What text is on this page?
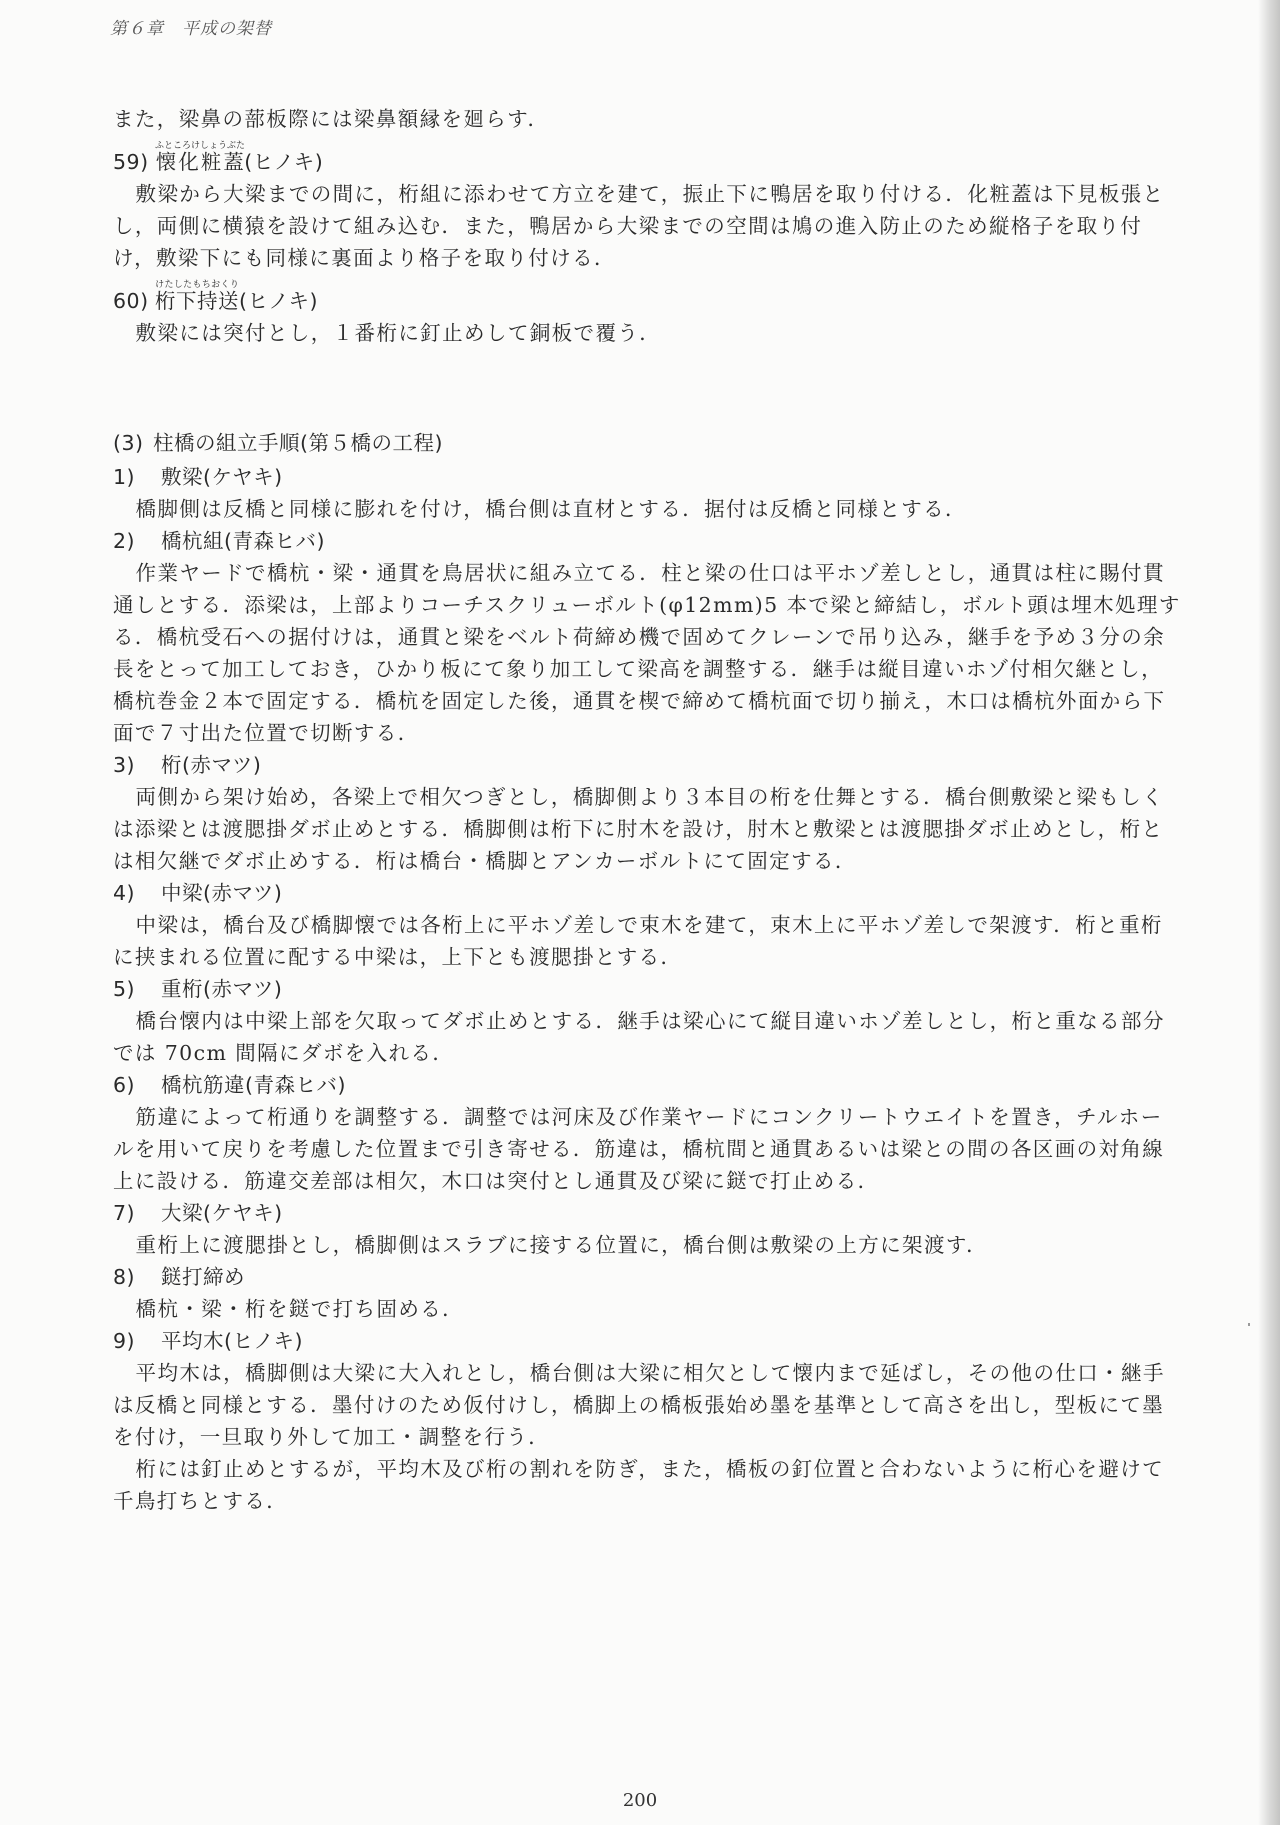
第６章　平成の架替

また，梁鼻の蔀板際には梁鼻額縁を廻らす．

59) 懐化粧蓋ふところけしょうぶた(ヒノキ)

敷梁から大梁までの間に，桁組に添わせて方立を建て，振止下に鴨居を取り付ける．化粧蓋は下見板張とし，両側に横猿を設けて組み込む．また，鴨居から大梁までの空間は鳩の進入防止のため縦格子を取り付け，敷梁下にも同様に裏面より格子を取り付ける．

60) 桁下持送けたしたもちおくり(ヒノキ)

敷梁には突付とし，１番桁に釘止めして銅板で覆う．

(3) 柱橋の組立手順(第５橋の工程)

1) 敷梁(ケヤキ)

橋脚側は反橋と同様に膨れを付け，橋台側は直材とする．据付は反橋と同様とする．

2) 橋杭組(青森ヒバ)

作業ヤードで橋杭・梁・通貫を鳥居状に組み立てる．柱と梁の仕口は平ホゾ差しとし，通貫は柱に賜付貫通しとする．添梁は，上部よりコーチスクリューボルト(φ12mm)5 本で梁と締結し，ボルト頭は埋木処理する．橋杭受石への据付けは，通貫と梁をベルト荷締め機で固めてクレーンで吊り込み，継手を予め３分の余長をとって加工しておき，ひかり板にて象り加工して梁高を調整する．継手は縦目違いホゾ付相欠継とし，橋杭巻金２本で固定する．橋杭を固定した後，通貫を楔で締めて橋杭面で切り揃え，木口は橋杭外面から下面で７寸出た位置で切断する．

3) 桁(赤マツ)

両側から架け始め，各梁上で相欠つぎとし，橋脚側より３本目の桁を仕舞とする．橋台側敷梁と梁もしくは添梁とは渡腮掛ダボ止めとする．橋脚側は桁下に肘木を設け，肘木と敷梁とは渡腮掛ダボ止めとし，桁とは相欠継でダボ止めする．桁は橋台・橋脚とアンカーボルトにて固定する．

4) 中梁(赤マツ)

中梁は，橋台及び橋脚懐では各桁上に平ホゾ差しで束木を建て，束木上に平ホゾ差しで架渡す．桁と重桁に挟まれる位置に配する中梁は，上下とも渡腮掛とする．

5) 重桁(赤マツ)

橋台懐内は中梁上部を欠取ってダボ止めとする．継手は梁心にて縦目違いホゾ差しとし，桁と重なる部分では 70cm 間隔にダボを入れる．

6) 橋杭筋違(青森ヒバ)

筋違によって桁通りを調整する．調整では河床及び作業ヤードにコンクリートウエイトを置き，チルホールを用いて戻りを考慮した位置まで引き寄せる．筋違は，橋杭間と通貫あるいは梁との間の各区画の対角線上に設ける．筋違交差部は相欠，木口は突付とし通貫及び梁に鎹で打止める．

7) 大梁(ケヤキ)

重桁上に渡腮掛とし，橋脚側はスラブに接する位置に，橋台側は敷梁の上方に架渡す．

8) 鎹打締め

橋杭・梁・桁を鎹で打ち固める．

9) 平均木(ヒノキ)

平均木は，橋脚側は大梁に大入れとし，橋台側は大梁に相欠として懐内まで延ばし，その他の仕口・継手は反橋と同様とする．墨付けのため仮付けし，橋脚上の橋板張始め墨を基準として高さを出し，型板にて墨を付け，一旦取り外して加工・調整を行う．

桁には釘止めとするが，平均木及び桁の割れを防ぎ，また，橋板の釘位置と合わないように桁心を避けて千鳥打ちとする．

200
